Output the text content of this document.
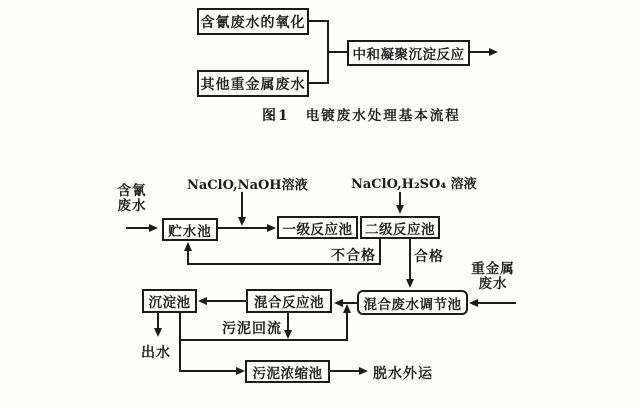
含氰废水的氧化
其他重金属废水
中和凝聚沉淀反应
图1 电镀废水处理基本流程
贮水池	一级反应池 二级反应池
混合废水调节池
混合反应池
沉淀池
污泥浓缩池
含氰
废水
NaClO,NaOH溶液	NaClO,H₂SO₄ 溶液
不合格	合格
重金属
废水
污泥回流
出水
脱水外运
